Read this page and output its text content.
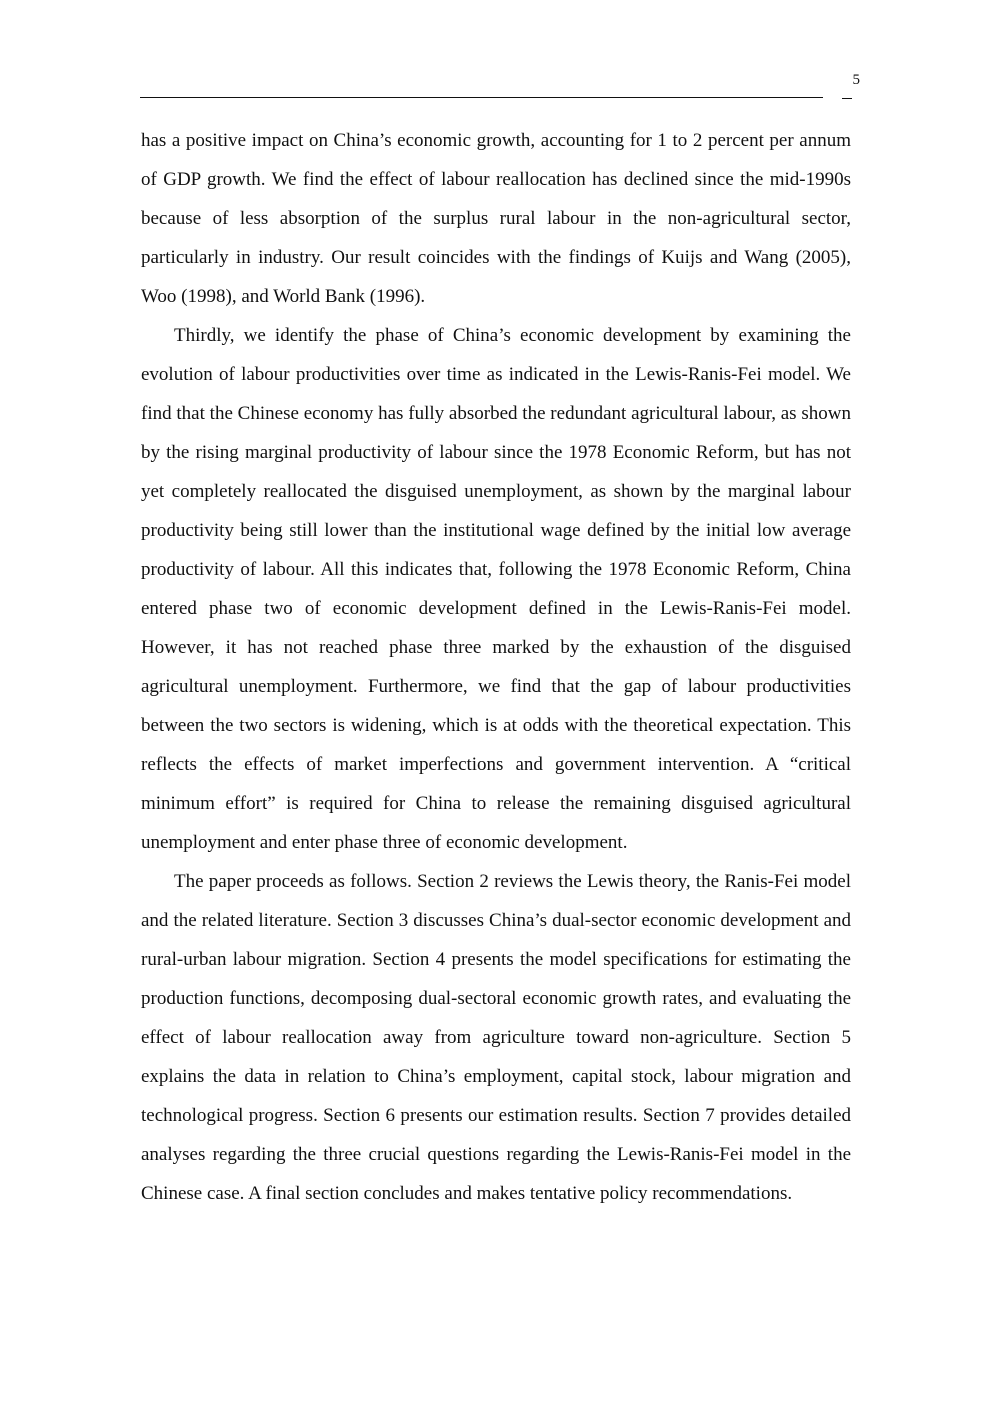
5

has a positive impact on China’s economic growth, accounting for 1 to 2 percent per annum of GDP growth. We find the effect of labour reallocation has declined since the mid-1990s because of less absorption of the surplus rural labour in the non-agricultural sector, particularly in industry. Our result coincides with the findings of Kuijs and Wang (2005), Woo (1998), and World Bank (1996).

Thirdly, we identify the phase of China’s economic development by examining the evolution of labour productivities over time as indicated in the Lewis-Ranis-Fei model. We find that the Chinese economy has fully absorbed the redundant agricultural labour, as shown by the rising marginal productivity of labour since the 1978 Economic Reform, but has not yet completely reallocated the disguised unemployment, as shown by the marginal labour productivity being still lower than the institutional wage defined by the initial low average productivity of labour. All this indicates that, following the 1978 Economic Reform, China entered phase two of economic development defined in the Lewis-Ranis-Fei model. However, it has not reached phase three marked by the exhaustion of the disguised agricultural unemployment. Furthermore, we find that the gap of labour productivities between the two sectors is widening, which is at odds with the theoretical expectation. This reflects the effects of market imperfections and government intervention. A “critical minimum effort” is required for China to release the remaining disguised agricultural unemployment and enter phase three of economic development.

The paper proceeds as follows. Section 2 reviews the Lewis theory, the Ranis-Fei model and the related literature. Section 3 discusses China’s dual-sector economic development and rural-urban labour migration. Section 4 presents the model specifications for estimating the production functions, decomposing dual-sectoral economic growth rates, and evaluating the effect of labour reallocation away from agriculture toward non-agriculture. Section 5 explains the data in relation to China’s employment, capital stock, labour migration and technological progress. Section 6 presents our estimation results. Section 7 provides detailed analyses regarding the three crucial questions regarding the Lewis-Ranis-Fei model in the Chinese case. A final section concludes and makes tentative policy recommendations.
